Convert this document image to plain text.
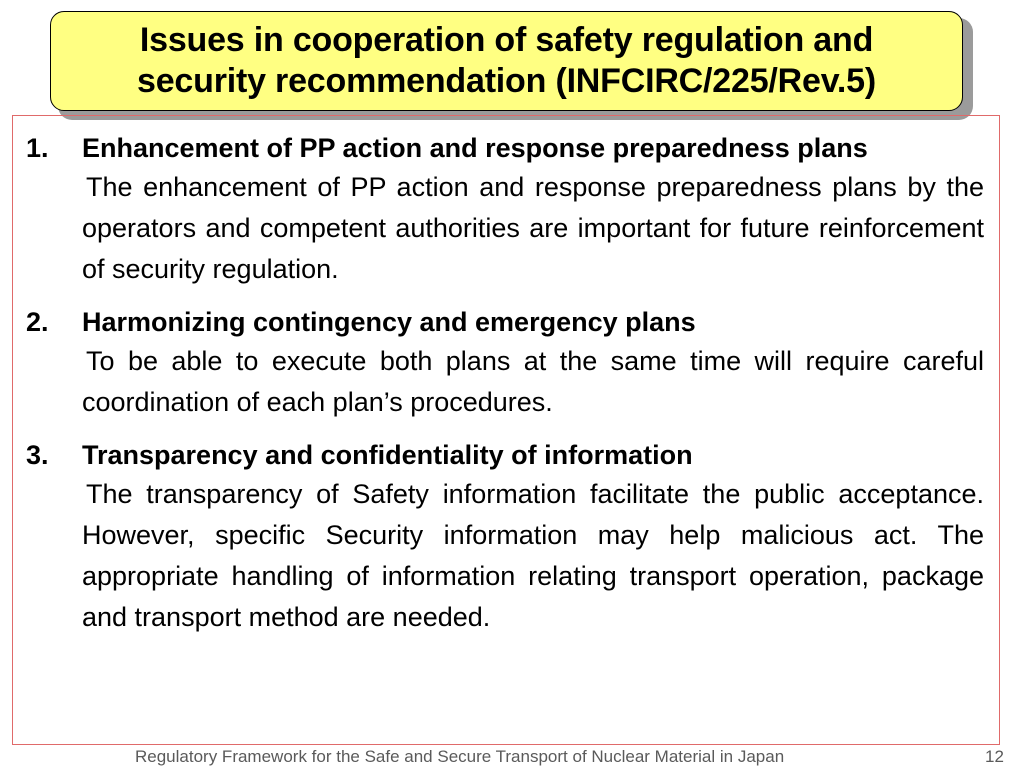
Issues in cooperation of safety regulation and
security recommendation (INFCIRC/225/Rev.5)
1. Enhancement of PP action and response preparedness plans
The enhancement of PP action and response preparedness plans by the operators and competent authorities are important for future reinforcement of security regulation.
2. Harmonizing contingency and emergency plans
To be able to execute both plans at the same time will require careful coordination of each plan’s procedures.
3. Transparency and confidentiality of information
The transparency of Safety information facilitate the public acceptance. However, specific Security information may help malicious act. The appropriate handling of information relating transport operation, package and transport method are needed.
Regulatory Framework for the Safe and Secure Transport of Nuclear Material in Japan	12
